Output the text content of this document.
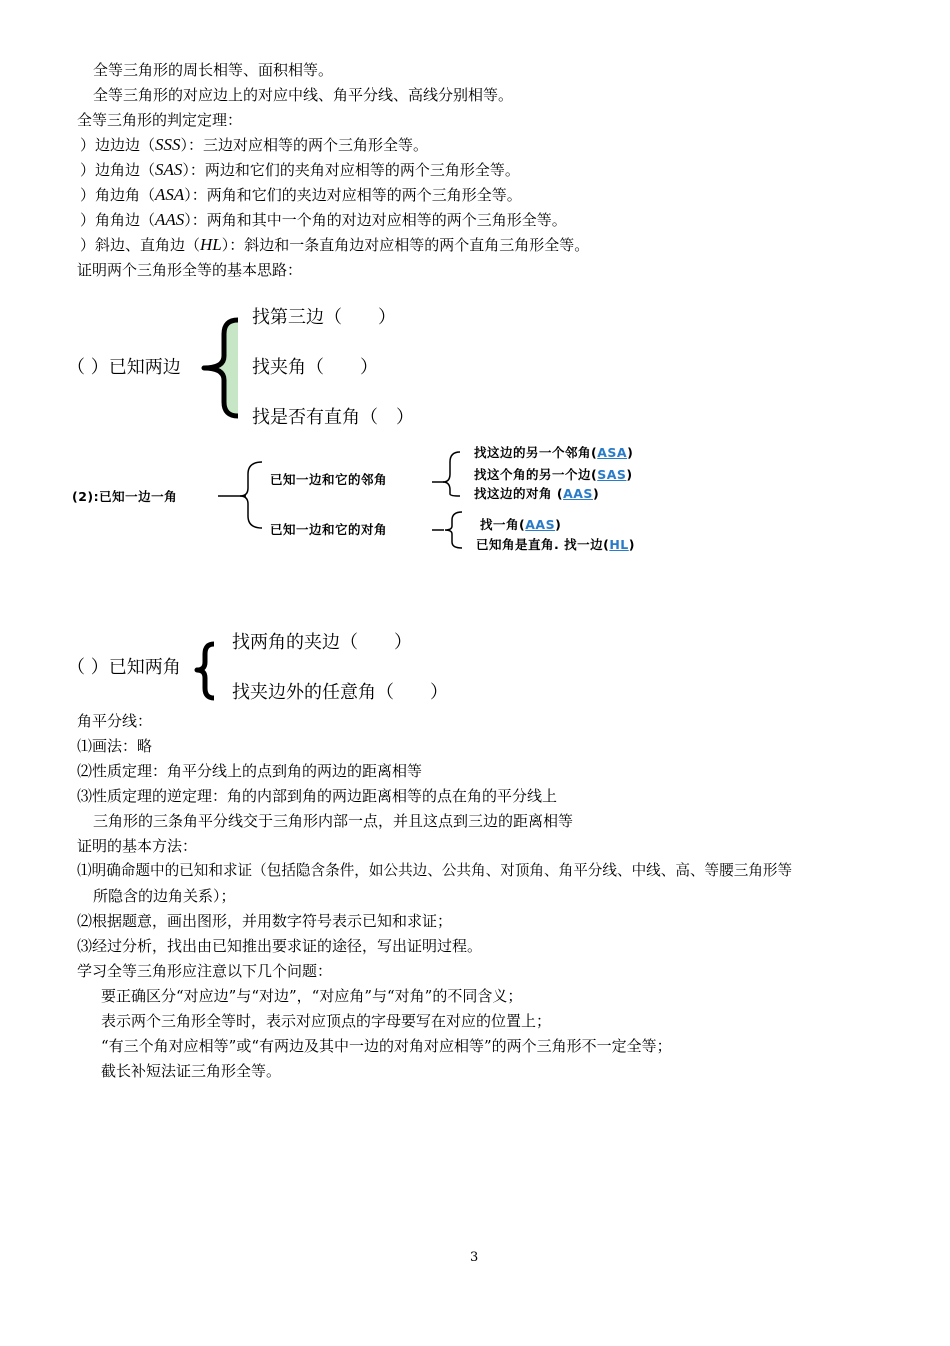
全等三角形的周长相等、面积相等。
全等三角形的对应边上的对应中线、角平分线、高线分别相等。
全等三角形的判定定理：
）边边边（SSS）：三边对应相等的两个三角形全等。
）边角边（SAS）：两边和它们的夹角对应相等的两个三角形全等。
）角边角（ASA）：两角和它们的夹边对应相等的两个三角形全等。
）角角边（AAS）：两角和其中一个角的对边对应相等的两个三角形全等。
）斜边、直角边（HL）：斜边和一条直角边对应相等的两个直角三角形全等。
证明两个三角形全等的基本思路：
（ ）已知两边
找第三边（　　）
找夹角（　　）
找是否有直角（　）
(2):已知一边一角
已知一边和它的邻角
已知一边和它的对角
找这边的另一个邻角(ASA)
找这个角的另一个边(SAS)
找这边的对角 (AAS)
找一角(AAS)
已知角是直角. 找一边(HL)
（ ）已知两角
找两角的夹边（　　）
找夹边外的任意角（　　）
角平分线：
⑴画法：略
⑵性质定理：角平分线上的点到角的两边的距离相等
⑶性质定理的逆定理：角的内部到角的两边距离相等的点在角的平分线上
三角形的三条角平分线交于三角形内部一点，并且这点到三边的距离相等
证明的基本方法：
⑴明确命题中的已知和求证（包括隐含条件，如公共边、公共角、对顶角、角平分线、中线、高、等腰三角形等
所隐含的边角关系）；
⑵根据题意，画出图形，并用数字符号表示已知和求证；
⑶经过分析，找出由已知推出要求证的途径，写出证明过程。
学习全等三角形应注意以下几个问题：
要正确区分“对应边”与“对边”，“对应角”与“对角”的不同含义；
表示两个三角形全等时，表示对应顶点的字母要写在对应的位置上；
“有三个角对应相等”或“有两边及其中一边的对角对应相等”的两个三角形不一定全等；
截长补短法证三角形全等。
3
